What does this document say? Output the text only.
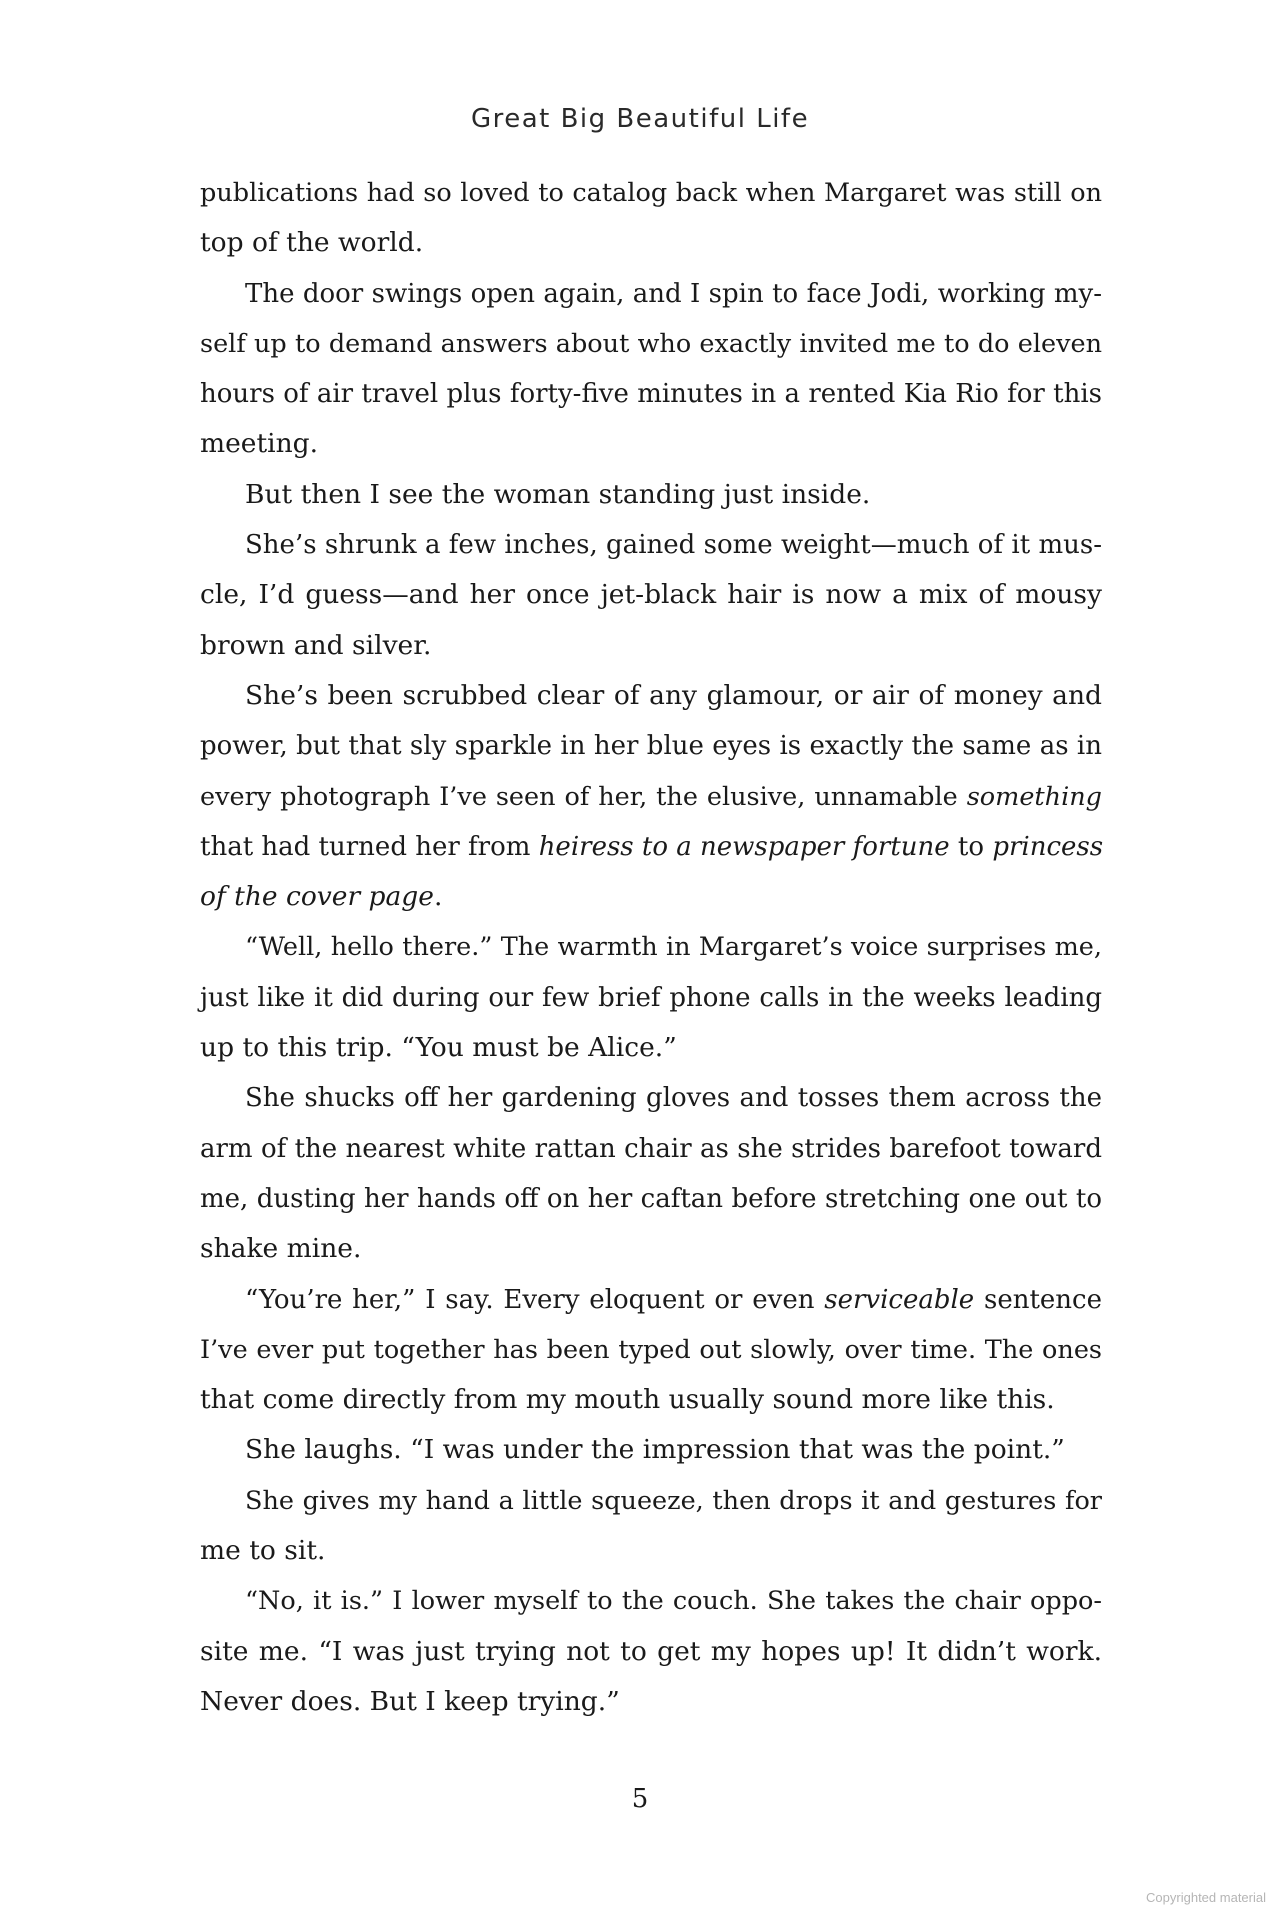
Great Big Beautiful Life
publications had so loved to catalog back when Margaret was still on
top of the world.
The door swings open again, and I spin to face Jodi, working my-
self up to demand answers about who exactly invited me to do eleven
hours of air travel plus forty-five minutes in a rented Kia Rio for this
meeting.
But then I see the woman standing just inside.
She’s shrunk a few inches, gained some weight—much of it mus-
cle, I’d guess—and her once jet-black hair is now a mix of mousy
brown and silver.
She’s been scrubbed clear of any glamour, or air of money and
power, but that sly sparkle in her blue eyes is exactly the same as in
every photograph I’ve seen of her, the elusive, unnamable something
that had turned her from heiress to a newspaper fortune to princess
of the cover page.
“Well, hello there.” The warmth in Margaret’s voice surprises me,
just like it did during our few brief phone calls in the weeks leading
up to this trip. “You must be Alice.”
She shucks off her gardening gloves and tosses them across the
arm of the nearest white rattan chair as she strides barefoot toward
me, dusting her hands off on her caftan before stretching one out to
shake mine.
“You’re her,” I say. Every eloquent or even serviceable sentence
I’ve ever put together has been typed out slowly, over time. The ones
that come directly from my mouth usually sound more like this.
She laughs. “I was under the impression that was the point.”
She gives my hand a little squeeze, then drops it and gestures for
me to sit.
“No, it is.” I lower myself to the couch. She takes the chair oppo-
site me. “I was just trying not to get my hopes up! It didn’t work.
Never does. But I keep trying.”
5
Copyrighted material
